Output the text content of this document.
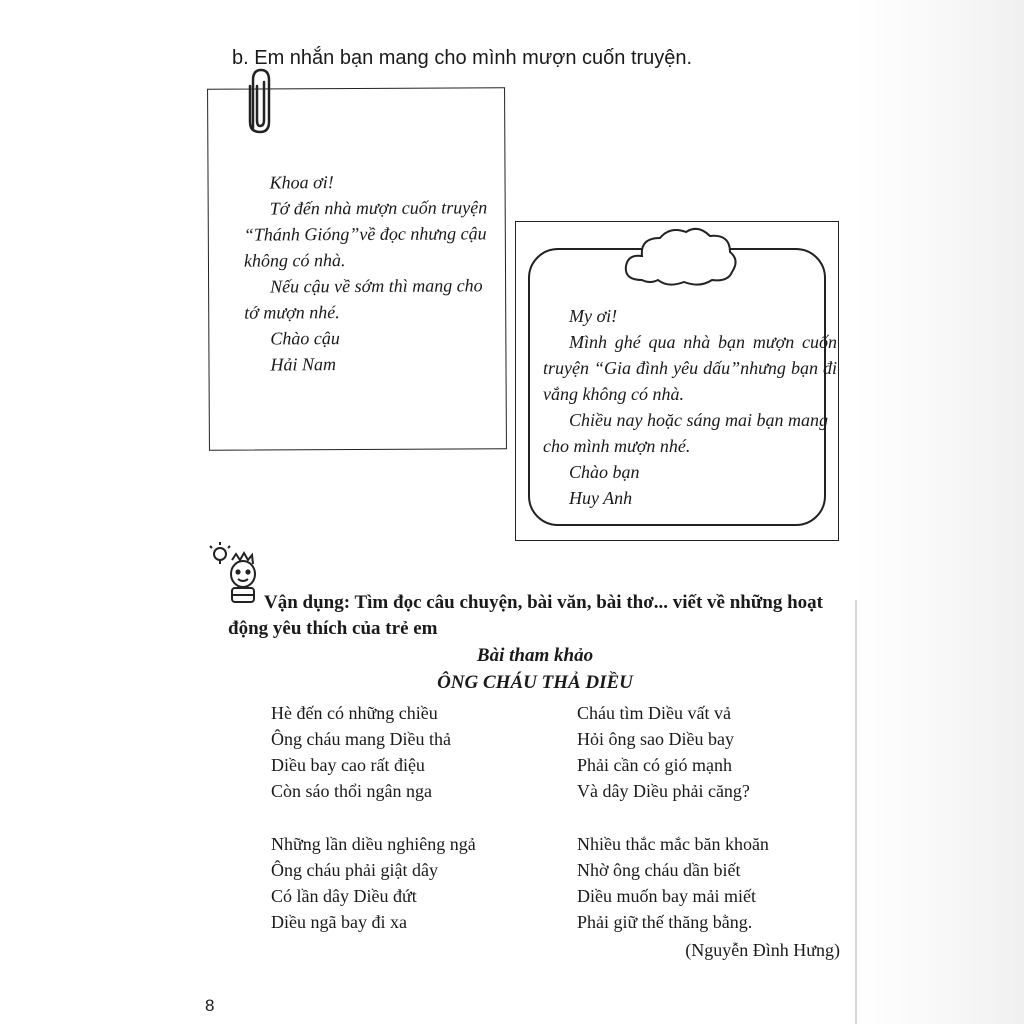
b. Em nhắn bạn mang cho mình mượn cuốn truyện.

Khoa ơi!

Tớ đến nhà mượn cuốn truyện “Thánh Gióng”về đọc nhưng cậu không có nhà.

Nếu cậu về sớm thì mang cho tớ mượn nhé.

Chào cậu

Hải Nam

My ơi!

Mình ghé qua nhà bạn mượn cuốn truyện “Gia đình yêu dấu”nhưng bạn đi vắng không có nhà.

Chiều nay hoặc sáng mai bạn mang cho mình mượn nhé.

Chào bạn

Huy Anh

Vận dụng: Tìm đọc câu chuyện, bài văn, bài thơ... viết về những hoạt động yêu thích của trẻ em
Bài tham khảo
ÔNG CHÁU THẢ DIỀU
Hè đến có những chiều
Ông cháu mang Diều thả
Diều bay cao rất điệu
Còn sáo thổi ngân nga
Những lần diều nghiêng ngả
Ông cháu phải giật dây
Có lần dây Diều đứt
Diều ngã bay đi xa
Cháu tìm Diều vất vả
Hỏi ông sao Diều bay
Phải cần có gió mạnh
Và dây Diều phải căng?
Nhiều thắc mắc băn khoăn
Nhờ ông cháu dần biết
Diều muốn bay mải miết
Phải giữ thế thăng bằng.
(Nguyễn Đình Hưng)
8
